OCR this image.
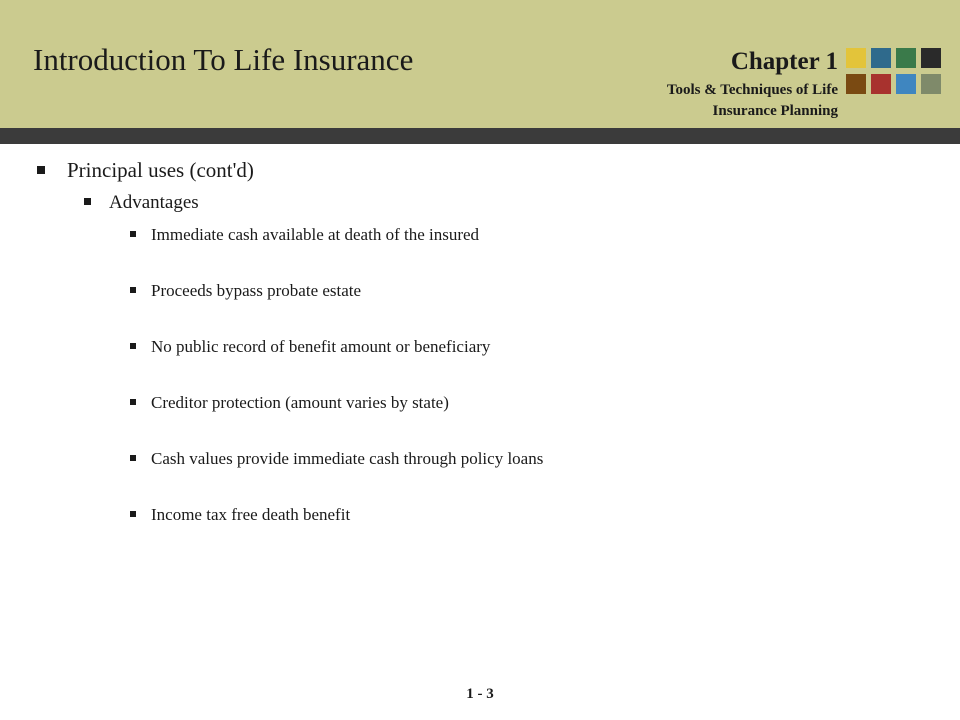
Introduction To Life Insurance	Chapter 1
Tools & Techniques of Life
Insurance Planning
Principal uses (cont'd)
Advantages
Immediate cash available at death of the insured
Proceeds bypass probate estate
No public record of benefit amount or beneficiary
Creditor protection (amount varies by state)
Cash values provide immediate cash through policy loans
Income tax free death benefit
1 - 3
